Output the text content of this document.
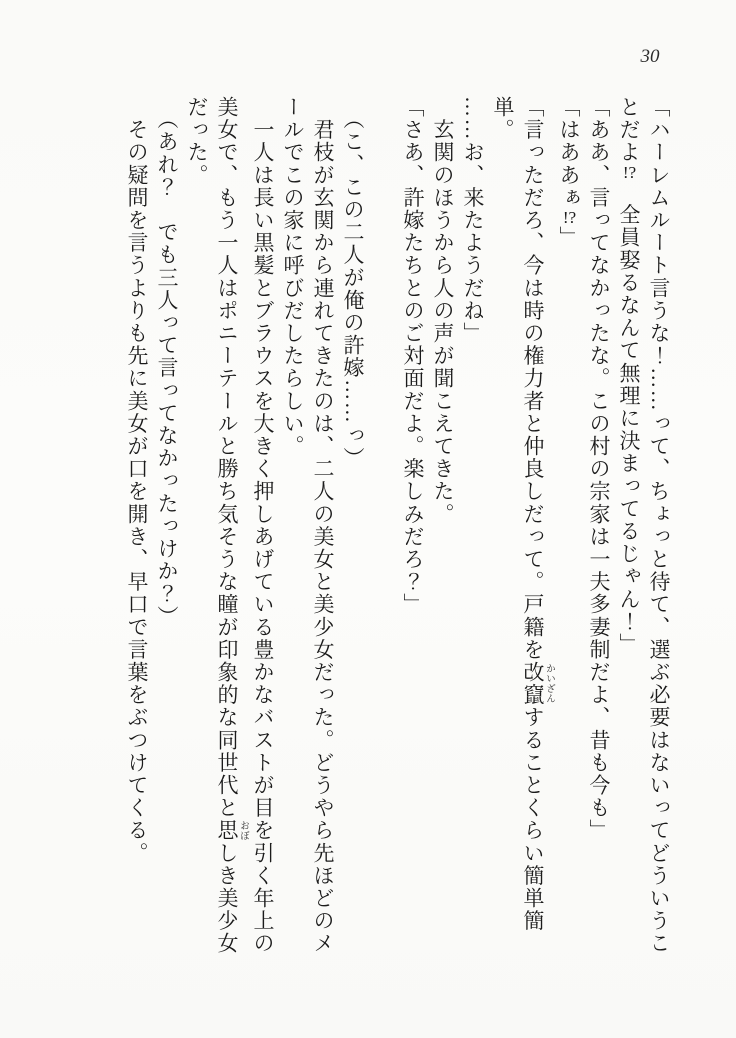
30

「ハーレムルート言うな！……って、ちょっと待て、選ぶ必要はないってどういうこ

とだよ!?　全員娶るなんて無理に決まってるじゃん！」

「ああ、言ってなかったな。この村の宗家は一夫多妻制だよ、昔も今も」

「はああぁ!?」

「言っただろ、今は時の権力者と仲良しだって。戸籍を改竄 かいざんすることくらい簡単簡単。

……お、来たようだね」

　玄関のほうから人の声が聞こえてきた。

「さあ、許嫁たちとのご対面だよ。楽しみだろ？」

　（こ、この二人が俺の許嫁……っ）

　君枝が玄関から連れてきたのは、二人の美女と美少女だった。どうやら先ほどのメ

ールでこの家に呼びだしたらしい。

　一人は長い黒髪とブラウスを大きく押しあげている豊かなバストが目を引く年上の

美女で、もう一人はポニーテールと勝ち気そうな瞳が印象的な同世代と思 おぼしき美少女

だった。

　（あれ？　でも三人って言ってなかったっけか？）

　その疑問を言うよりも先に美女が口を開き、早口で言葉をぶつけてくる。
